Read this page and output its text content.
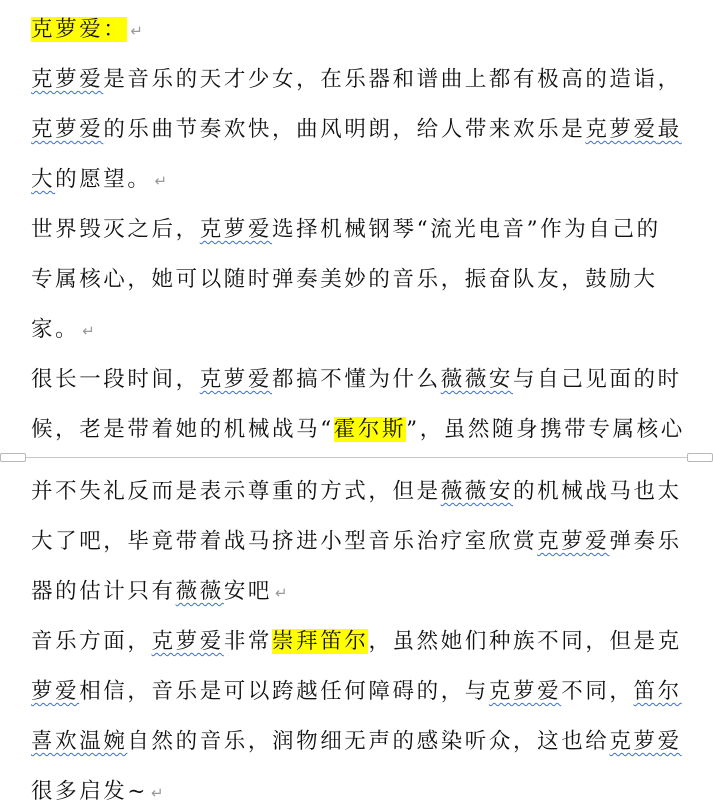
克萝爱： ↵
克萝爱是音乐的天才少女，在乐器和谱曲上都有极高的造诣，
克萝爱的乐曲节奏欢快，曲风明朗，给人带来欢乐是克萝爱最
大的愿望。 ↵
世界毁灭之后，克萝爱选择机械钢琴“流光电音”作为自己的
专属核心，她可以随时弹奏美妙的音乐，振奋队友，鼓励大
家。 ↵
很长一段时间，克萝爱都搞不懂为什么薇薇安与自己见面的时
候，老是带着她的机械战马“霍尔斯”，虽然随身携带专属核心
并不失礼反而是表示尊重的方式，但是薇薇安的机械战马也太
大了吧，毕竟带着战马挤进小型音乐治疗室欣赏克萝爱弹奏乐
器的估计只有薇薇安吧 ↵
音乐方面，克萝爱非常崇拜笛尔，虽然她们种族不同，但是克
萝爱相信，音乐是可以跨越任何障碍的，与克萝爱不同，笛尔
喜欢温婉自然的音乐，润物细无声的感染听众，这也给克萝爱
很多启发~ ↵
